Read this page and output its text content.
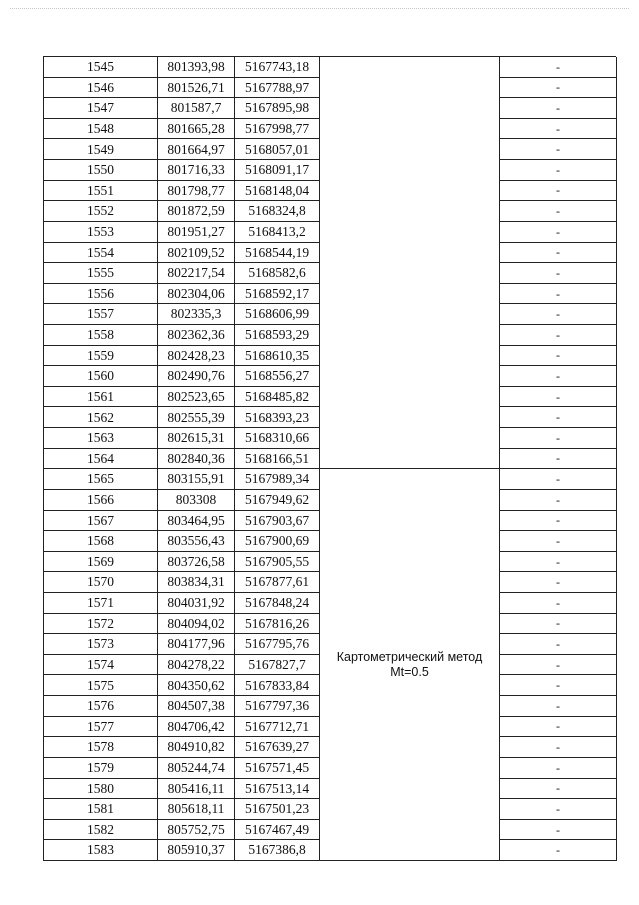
1545	801393,98	5167743,18	-
1546	801526,71	5167788,97	-
1547	801587,7	5167895,98	-
1548	801665,28	5167998,77	-
1549	801664,97	5168057,01	-
1550	801716,33	5168091,17	-
1551	801798,77	5168148,04	-
1552	801872,59	5168324,8	-
1553	801951,27	5168413,2	-
1554	802109,52	5168544,19	-
1555	802217,54	5168582,6	-
1556	802304,06	5168592,17	-
1557	802335,3	5168606,99	-
1558	802362,36	5168593,29	-
1559	802428,23	5168610,35	-
1560	802490,76	5168556,27	-
1561	802523,65	5168485,82	-
1562	802555,39	5168393,23	-
1563	802615,31	5168310,66	-
1564	802840,36	5168166,51	-
1565	803155,91	5167989,34	-
1566	803308	5167949,62	-
1567	803464,95	5167903,67	-
1568	803556,43	5167900,69	-
1569	803726,58	5167905,55	-
1570	803834,31	5167877,61	-
1571	804031,92	5167848,24	-
1572	804094,02	5167816,26	-
1573	804177,96	5167795,76	-
1574	804278,22	5167827,7	-
1575	804350,62	5167833,84	-
1576	804507,38	5167797,36	-
1577	804706,42	5167712,71	-
1578	804910,82	5167639,27	-
1579	805244,74	5167571,45	-
1580	805416,11	5167513,14	-
1581	805618,11	5167501,23	-
1582	805752,75	5167467,49	-
1583	805910,37	5167386,8	-
Картометрический метод Mt=0.5
